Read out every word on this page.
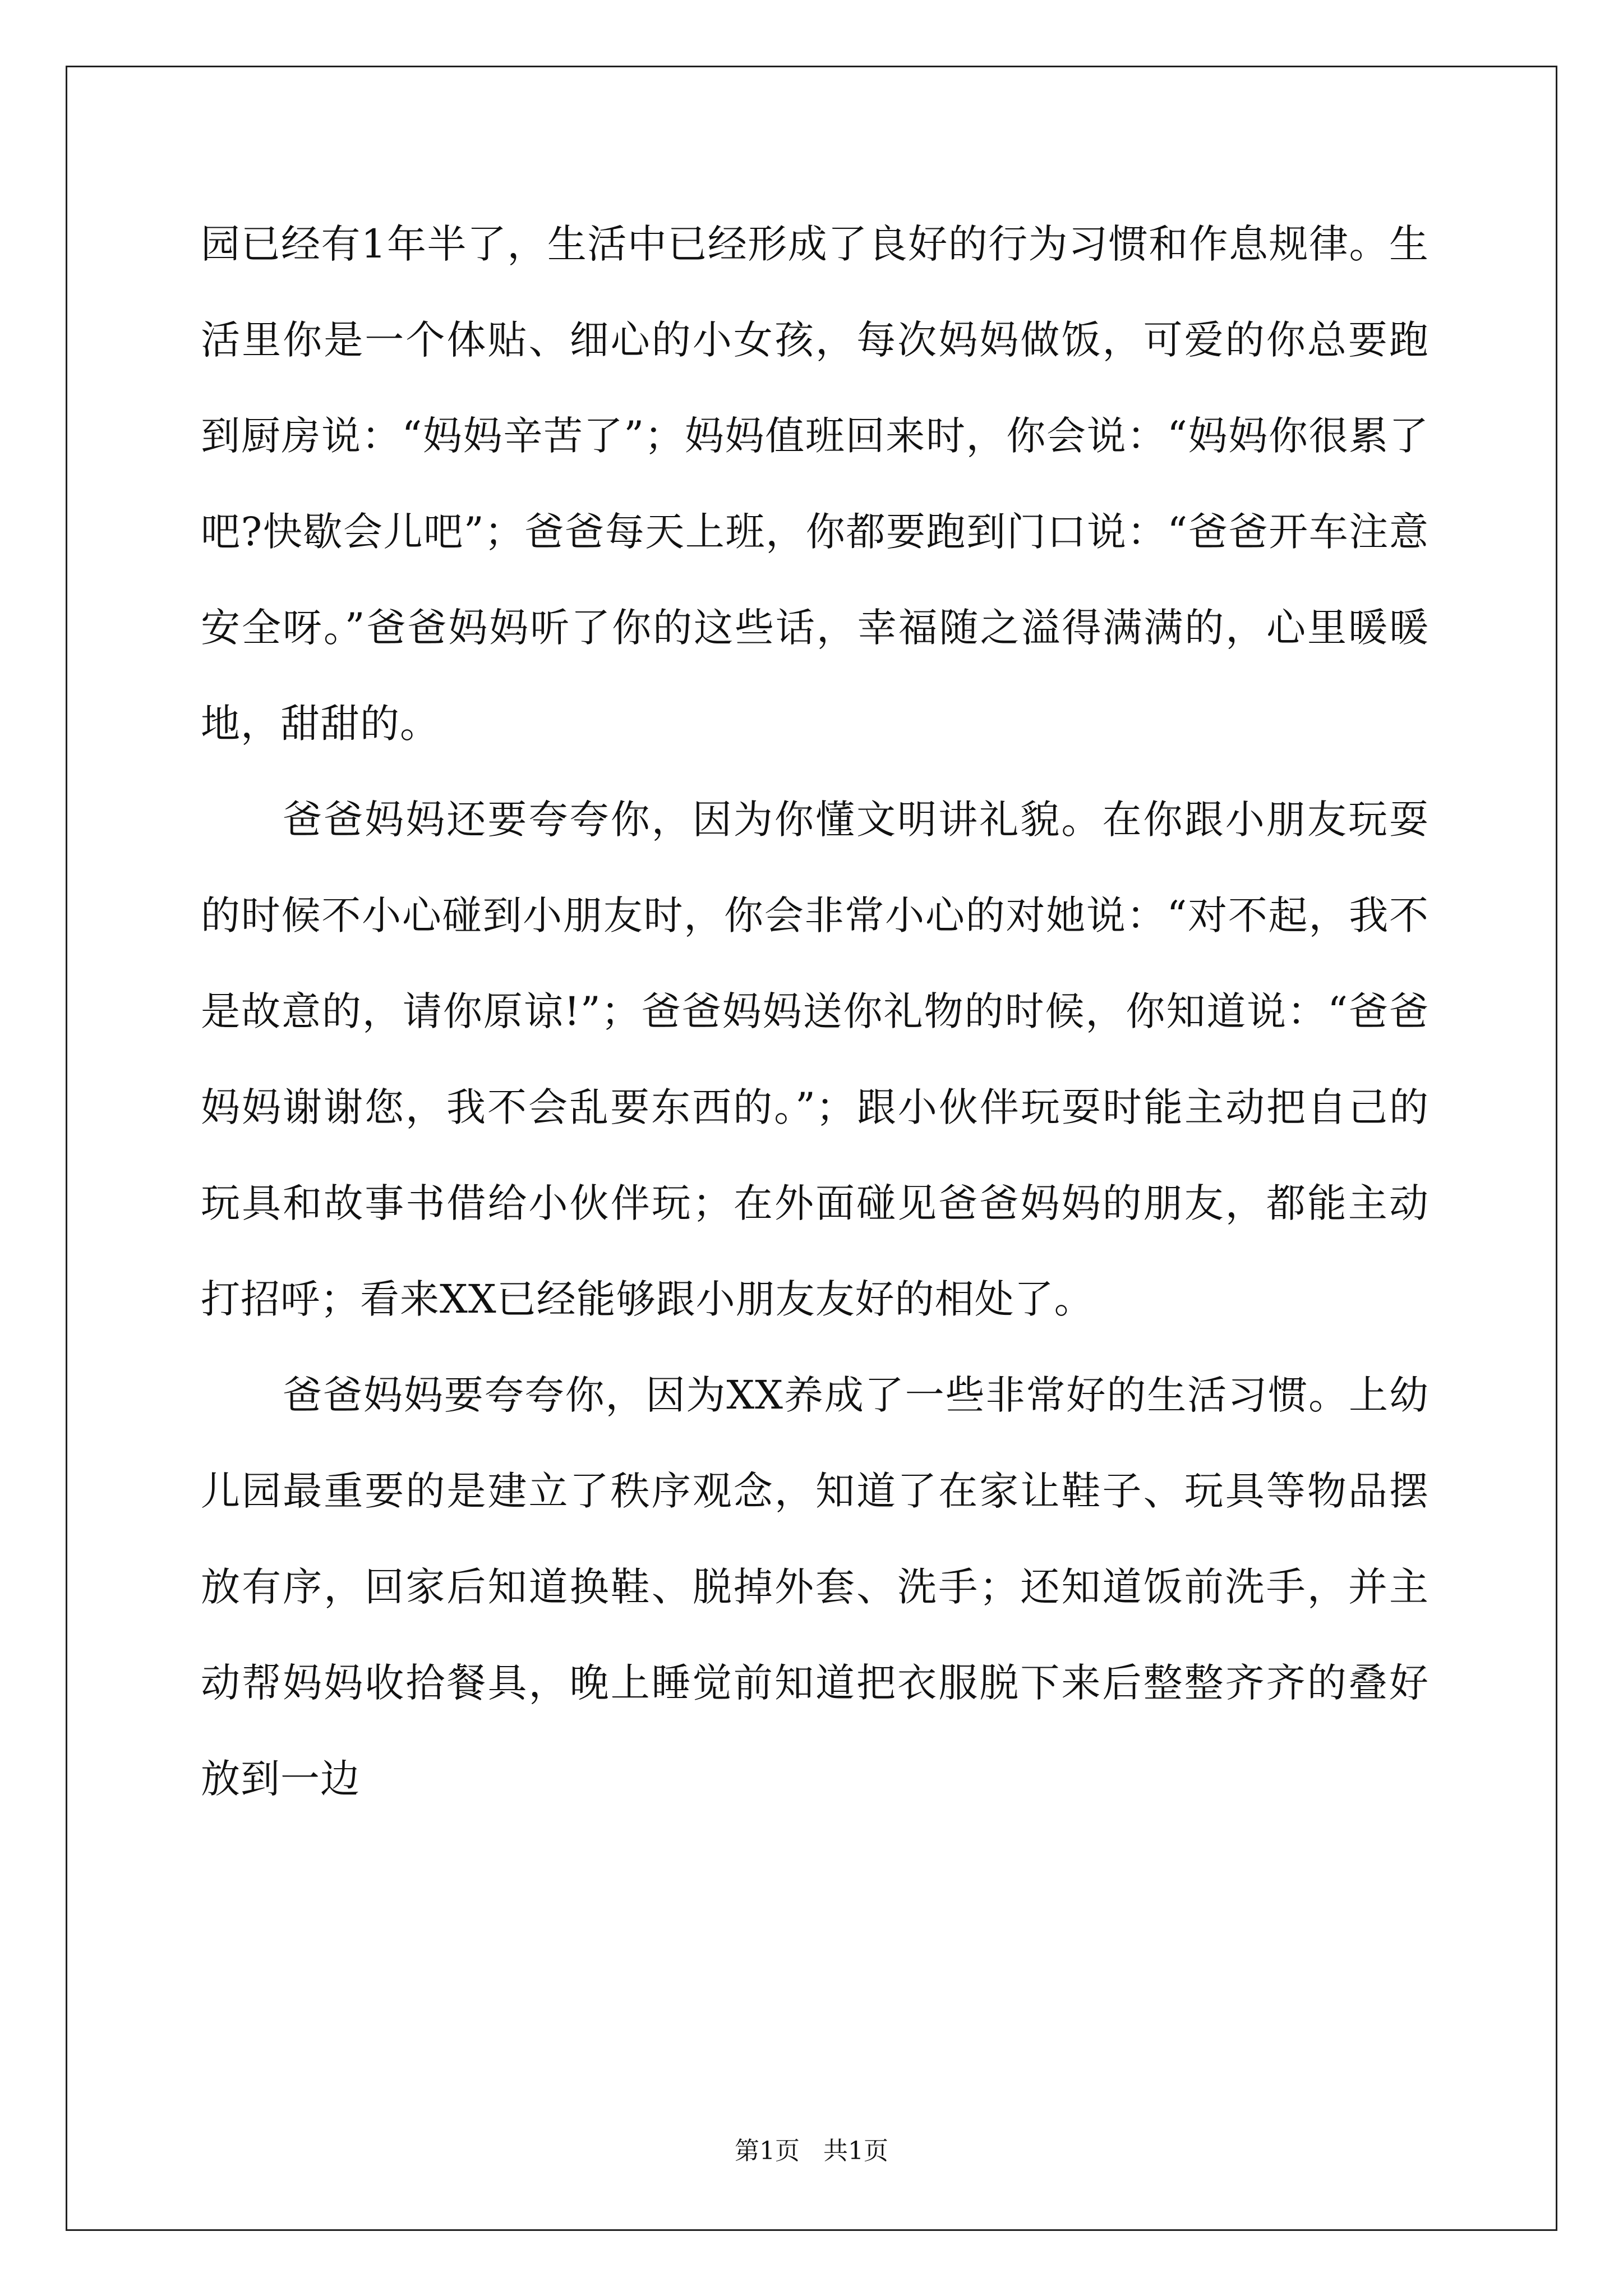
园已经有1年半了，生活中已经形成了良好的行为习惯和作息规律。生活里你是一个体贴、细心的小女孩，每次妈妈做饭，可爱的你总要跑到厨房说：“妈妈辛苦了”；妈妈值班回来时，你会说：“妈妈你很累了吧?快歇会儿吧”；爸爸每天上班，你都要跑到门口说：“爸爸开车注意安全呀。”爸爸妈妈听了你的这些话，幸福随之溢得满满的，心里暖暖地，甜甜的。

爸爸妈妈还要夸夸你，因为你懂文明讲礼貌。在你跟小朋友玩耍的时候不小心碰到小朋友时，你会非常小心的对她说：“对不起，我不是故意的，请你原谅!”；爸爸妈妈送你礼物的时候，你知道说：“爸爸妈妈谢谢您，我不会乱要东西的。”；跟小伙伴玩耍时能主动把自己的玩具和故事书借给小伙伴玩；在外面碰见爸爸妈妈的朋友，都能主动打招呼；看来XX已经能够跟小朋友友好的相处了。

爸爸妈妈要夸夸你，因为XX养成了一些非常好的生活习惯。上幼儿园最重要的是建立了秩序观念，知道了在家让鞋子、玩具等物品摆放有序，回家后知道换鞋、脱掉外套、洗手；还知道饭前洗手，并主动帮妈妈收拾餐具，晚上睡觉前知道把衣服脱下来后整整齐齐的叠好放到一边

第1页 共1页
